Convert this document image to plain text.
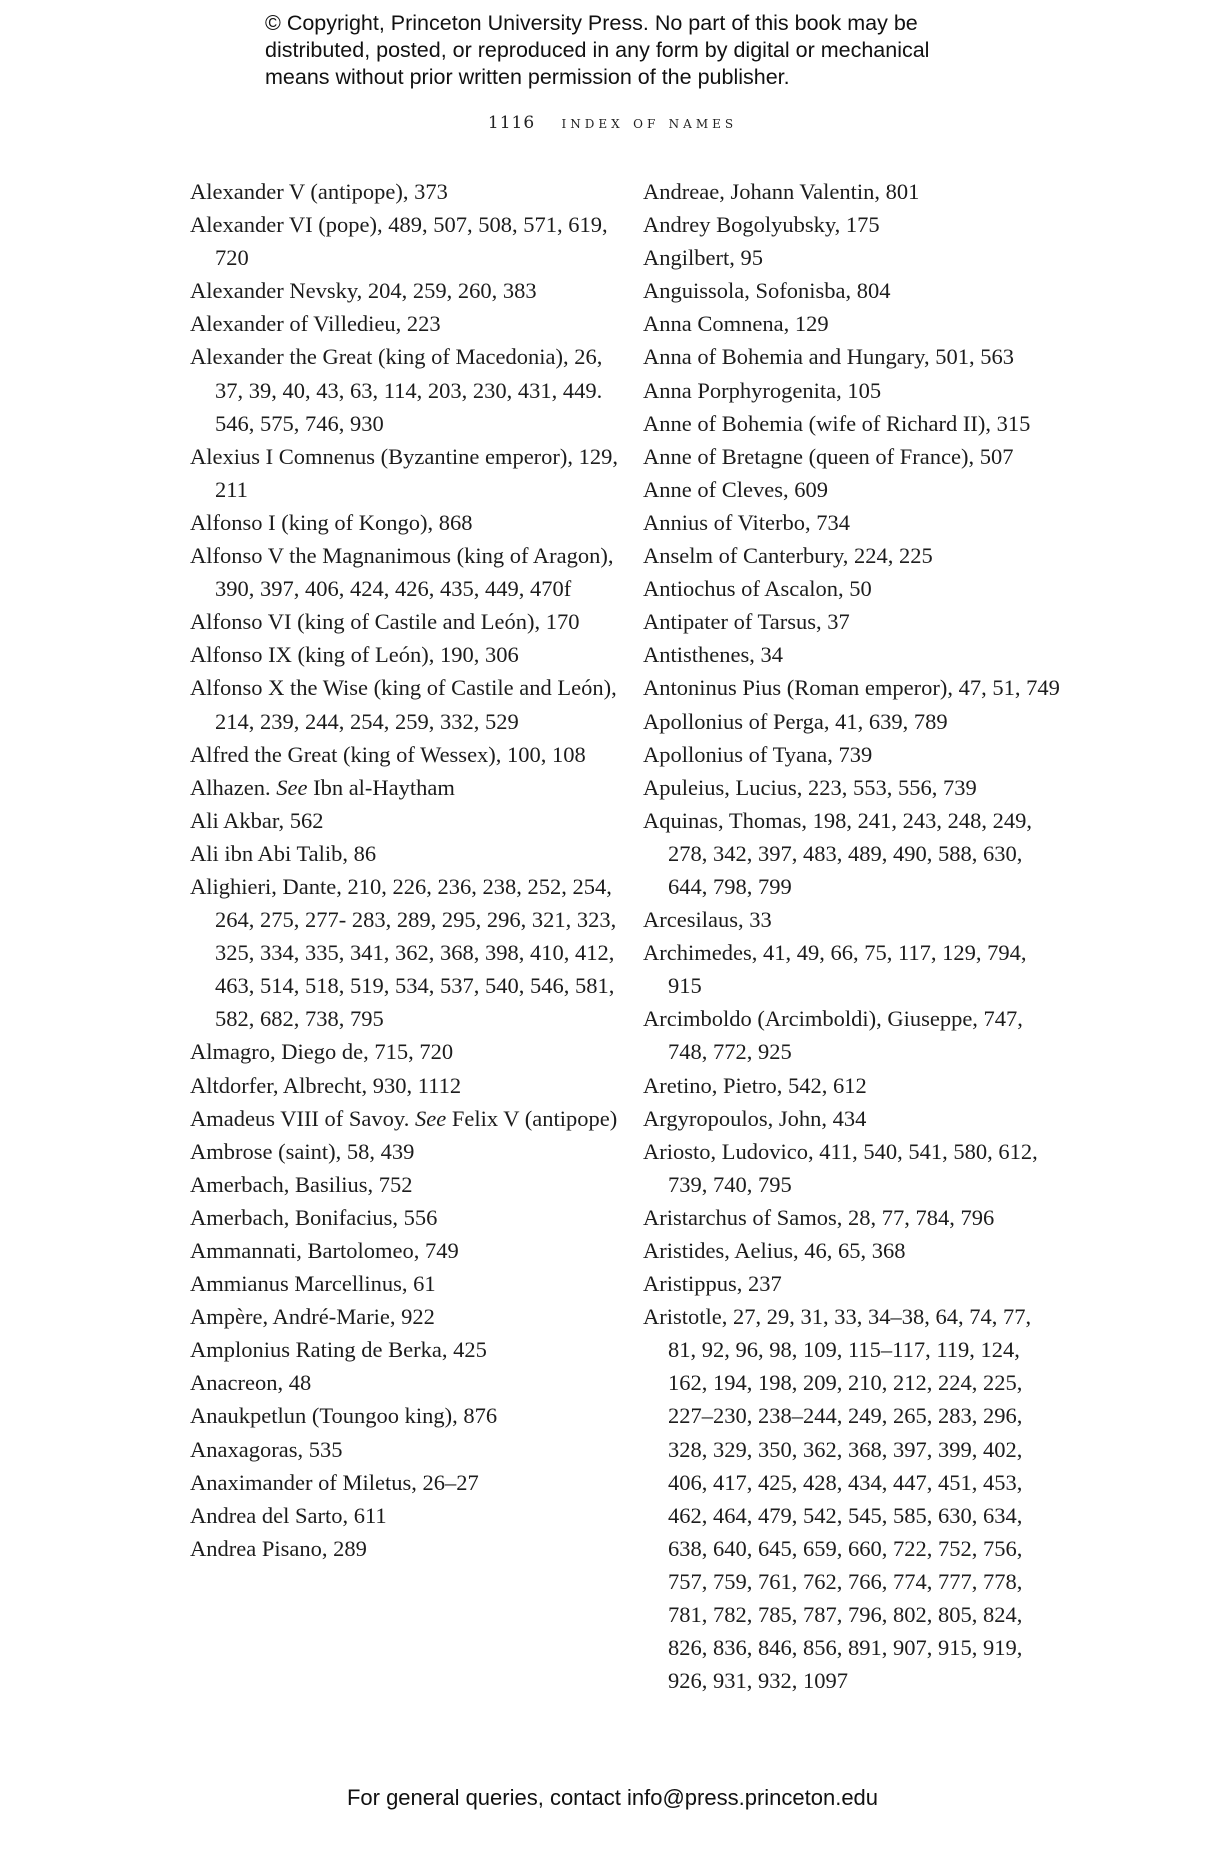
© Copyright, Princeton University Press. No part of this book may be

distributed, posted, or reproduced in any form by digital or mechanical

means without prior written permission of the publisher.

1116 index of names
Alexander V (antipope), 373
Alexander VI (pope), 489, 507, 508, 571, 619, 720
Alexander Nevsky, 204, 259, 260, 383
Alexander of Villedieu, 223
Alexander the Great (king of Macedonia), 26, 37, 39, 40, 43, 63, 114, 203, 230, 431, 449. 546, 575, 746, 930
Alexius I Comnenus (Byzantine emperor), 129, 211
Alfonso I (king of Kongo), 868
Alfonso V the Magnanimous (king of Aragon), 390, 397, 406, 424, 426, 435, 449, 470f
Alfonso VI (king of Castile and León), 170
Alfonso IX (king of León), 190, 306
Alfonso X the Wise (king of Castile and León), 214, 239, 244, 254, 259, 332, 529
Alfred the Great (king of Wessex), 100, 108
Alhazen. See Ibn al-Haytham
Ali Akbar, 562
Ali ibn Abi Talib, 86
Alighieri, Dante, 210, 226, 236, 238, 252, 254, 264, 275, 277- 283, 289, 295, 296, 321, 323, 325, 334, 335, 341, 362, 368, 398, 410, 412, 463, 514, 518, 519, 534, 537, 540, 546, 581, 582, 682, 738, 795
Almagro, Diego de, 715, 720
Altdorfer, Albrecht, 930, 1112
Amadeus VIII of Savoy. See Felix V (antipope)
Ambrose (saint), 58, 439
Amerbach, Basilius, 752
Amerbach, Bonifacius, 556
Ammannati, Bartolomeo, 749
Ammianus Marcellinus, 61
Ampère, André-Marie, 922
Amplonius Rating de Berka, 425
Anacreon, 48
Anaukpetlun (Toungoo king), 876
Anaxagoras, 535
Anaximander of Miletus, 26–27
Andrea del Sarto, 611
Andrea Pisano, 289
Andreae, Johann Valentin, 801
Andrey Bogolyubsky, 175
Angilbert, 95
Anguissola, Sofonisba, 804
Anna Comnena, 129
Anna of Bohemia and Hungary, 501, 563
Anna Porphyrogenita, 105
Anne of Bohemia (wife of Richard II), 315
Anne of Bretagne (queen of France), 507
Anne of Cleves, 609
Annius of Viterbo, 734
Anselm of Canterbury, 224, 225
Antiochus of Ascalon, 50
Antipater of Tarsus, 37
Antisthenes, 34
Antoninus Pius (Roman emperor), 47, 51, 749
Apollonius of Perga, 41, 639, 789
Apollonius of Tyana, 739
Apuleius, Lucius, 223, 553, 556, 739
Aquinas, Thomas, 198, 241, 243, 248, 249, 278, 342, 397, 483, 489, 490, 588, 630, 644, 798, 799
Arcesilaus, 33
Archimedes, 41, 49, 66, 75, 117, 129, 794, 915
Arcimboldo (Arcimboldi), Giuseppe, 747, 748, 772, 925
Aretino, Pietro, 542, 612
Argyropoulos, John, 434
Ariosto, Ludovico, 411, 540, 541, 580, 612, 739, 740, 795
Aristarchus of Samos, 28, 77, 784, 796
Aristides, Aelius, 46, 65, 368
Aristippus, 237
Aristotle, 27, 29, 31, 33, 34–38, 64, 74, 77, 81, 92, 96, 98, 109, 115–117, 119, 124, 162, 194, 198, 209, 210, 212, 224, 225, 227–230, 238–244, 249, 265, 283, 296, 328, 329, 350, 362, 368, 397, 399, 402, 406, 417, 425, 428, 434, 447, 451, 453, 462, 464, 479, 542, 545, 585, 630, 634, 638, 640, 645, 659, 660, 722, 752, 756, 757, 759, 761, 762, 766, 774, 777, 778, 781, 782, 785, 787, 796, 802, 805, 824, 826, 836, 846, 856, 891, 907, 915, 919, 926, 931, 932, 1097
For general queries, contact info@press.princeton.edu
